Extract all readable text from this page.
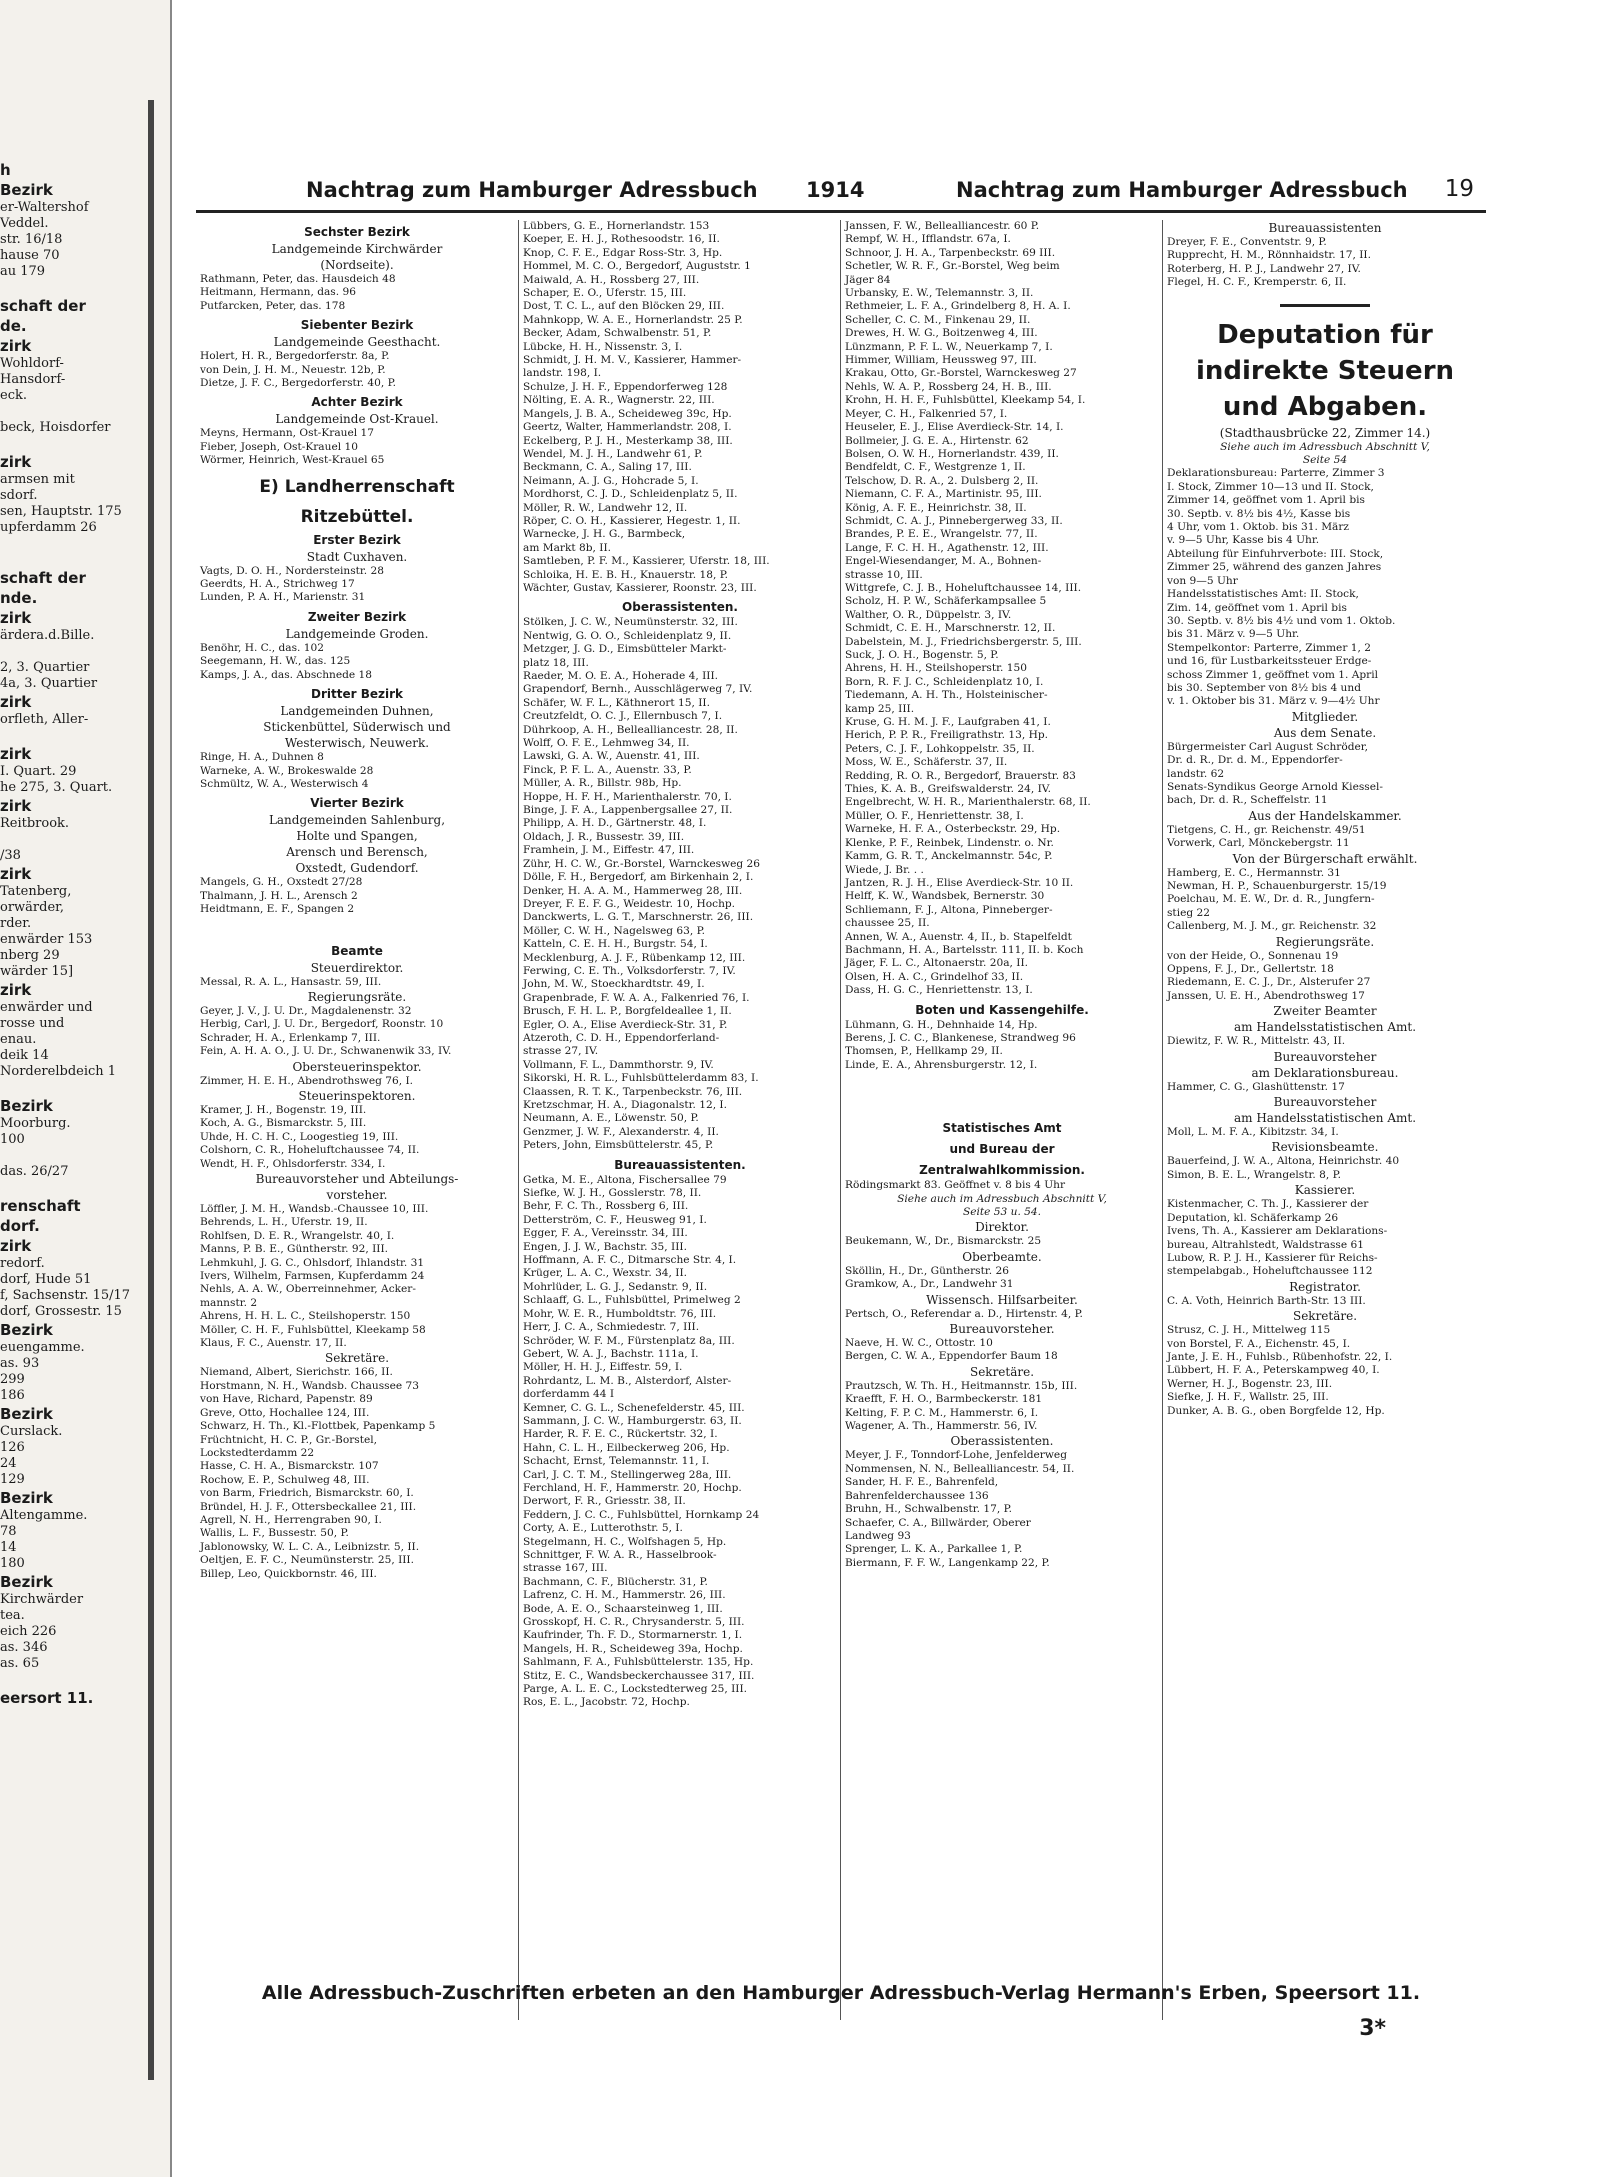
h
Bezirk
er-Waltershof
Veddel.
str. 16/18
hause 70
au 179

schaft der
de.
zirk
Wohldorf-
Hansdorf-
eck.

beck, Hoisdorfer

zirk
armsen mit
sdorf.
sen, Hauptstr. 175
upferdamm 26

schaft der
nde.
zirk
ärdera.d.Bille.

2, 3. Quartier
4a, 3. Quartier
zirk
orfleth, Aller-

zirk
I. Quart. 29
he 275, 3. Quart.
zirk
Reitbrook.

/38
zirk
Tatenberg,
orwärder,
rder.
enwärder 153
nberg 29
wärder 15]
zirk
enwärder und
rosse und
enau.
deik 14
Norderelbdeich 1

Bezirk
Moorburg.
100

das. 26/27

renschaft
dorf.
zirk
redorf.
dorf, Hude 51
f, Sachsenstr. 15/17
dorf, Grossestr. 15
Bezirk
euengamme.
as. 93
299
186
Bezirk
Curslack.
126
24
129
Bezirk
Altengamme.
78
14
180
Bezirk
Kirchwärder
tea.
eich 226
as. 346
as. 65

eersort 11.
Nachtrag zum Hamburger Adressbuch 1914	Nachtrag zum Hamburger Adressbuch 19
Sechster Bezirk
Landgemeinde Kirchwärder
(Nordseite).
Rathmann, Peter, das. Hausdeich 48
Heitmann, Hermann, das. 96
Putfarcken, Peter, das. 178
Siebenter Bezirk
Landgemeinde Geesthacht.
Holert, H. R., Bergedorferstr. 8a, P.
von Dein, J. H. M., Neuestr. 12b, P.
Dietze, J. F. C., Bergedorferstr. 40, P.
Achter Bezirk
Landgemeinde Ost-Krauel.
Meyns, Hermann, Ost-Krauel 17
Fieber, Joseph, Ost-Krauel 10
Wörmer, Heinrich, West-Krauel 65
E) Landherrenschaft
Ritzebüttel.
Erster Bezirk
Stadt Cuxhaven.
Vagts, D. O. H., Nordersteinstr. 28
Geerdts, H. A., Strichweg 17
Lunden, P. A. H., Marienstr. 31
Zweiter Bezirk
Landgemeinde Groden.
Benöhr, H. C., das. 102
Seegemann, H. W., das. 125
Kamps, J. A., das. Abschnede 18
Dritter Bezirk
Landgemeinden Duhnen,
Stickenbüttel, Süderwisch und
Westerwisch, Neuwerk.
Ringe, H. A., Duhnen 8
Warneke, A. W., Brokeswalde 28
Schmültz, W. A., Westerwisch 4
Vierter Bezirk
Landgemeinden Sahlenburg,
Holte und Spangen,
Arensch und Berensch,
Oxstedt, Gudendorf.
Mangels, G. H., Oxstedt 27/28
Thalmann, J. H. L., Arensch 2
Heidtmann, E. F., Spangen 2
Beamte
Steuerdirektor.
Messal, R. A. L., Hansastr. 59, III.
Regierungsräte.
Geyer, J. V., J. U. Dr., Magdalenenstr. 32
Herbig, Carl, J. U. Dr., Bergedorf, Roonstr. 10
Schrader, H. A., Erlenkamp 7, III.
Fein, A. H. A. O., J. U. Dr., Schwanenwik 33, IV.
Obersteuerinspektor.
Zimmer, H. E. H., Abendrothsweg 76, I.
Steuerinspektoren.
Kramer, J. H., Bogenstr. 19, III.
Koch, A. G., Bismarckstr. 5, III.
Uhde, H. C. H. C., Loogestieg 19, III.
Colshorn, C. R., Hoheluftchaussee 74, II.
Wendt, H. F., Ohlsdorferstr. 334, I.
Bureauvorsteher und Abteilungs-
vorsteher.
Löffler, J. M. H., Wandsb.-Chaussee 10, III.
Behrends, L. H., Uferstr. 19, II.
Rohlfsen, D. E. R., Wrangelstr. 40, I.
Manns, P. B. E., Güntherstr. 92, III.
Lehmkuhl, J. G. C., Ohlsdorf, Ihlandstr. 31
Ivers, Wilhelm, Farmsen, Kupferdamm 24
Nehls, A. A. W., Oberreinnehmer, Acker-
mannstr. 2
Ahrens, H. H. L. C., Steilshoperstr. 150
Möller, C. H. F., Fuhlsbüttel, Kleekamp 58
Klaus, F. C., Auenstr. 17, II.
Sekretäre.
Niemand, Albert, Sierichstr. 166, II.
Horstmann, N. H., Wandsb. Chaussee 73
von Have, Richard, Papenstr. 89
Greve, Otto, Hochallee 124, III.
Schwarz, H. Th., Kl.-Flottbek, Papenkamp 5
Früchtnicht, H. C. P., Gr.-Borstel,
Lockstedterdamm 22
Hasse, C. H. A., Bismarckstr. 107
Rochow, E. P., Schulweg 48, III.
von Barm, Friedrich, Bismarckstr. 60, I.
Bründel, H. J. F., Ottersbeckallee 21, III.
Agrell, N. H., Herrengraben 90, I.
Wallis, L. F., Bussestr. 50, P.
Jablonowsky, W. L. C. A., Leibnizstr. 5, II.
Oeltjen, E. F. C., Neumünsterstr. 25, III.
Billep, Leo, Quickbornstr. 46, III.
Lübbers, G. E., Hornerlandstr. 153
Koeper, E. H. J., Rothesoodstr. 16, II.
Knop, C. F. E., Edgar Ross-Str. 3, Hp.
Hommel, M. C. O., Bergedorf, Auguststr. 1
Maiwald, A. H., Rossberg 27, III.
Schaper, E. O., Uferstr. 15, III.
Dost, T. C. L., auf den Blöcken 29, III.
Mahnkopp, W. A. E., Hornerlandstr. 25 P.
Becker, Adam, Schwalbenstr. 51, P.
Lübcke, H. H., Nissenstr. 3, I.
Schmidt, J. H. M. V., Kassierer, Hammer-
landstr. 198, I.
Schulze, J. H. F., Eppendorferweg 128
Nölting, E. A. R., Wagnerstr. 22, III.
Mangels, J. B. A., Scheideweg 39c, Hp.
Geertz, Walter, Hammerlandstr. 208, I.
Eckelberg, P. J. H., Mesterkamp 38, III.
Wendel, M. J. H., Landwehr 61, P.
Beckmann, C. A., Saling 17, III.
Neimann, A. J. G., Hohcrade 5, I.
Mordhorst, C. J. D., Schleidenplatz 5, II.
Möller, R. W., Landwehr 12, II.
Röper, C. O. H., Kassierer, Hegestr. 1, II.
Warnecke, J. H. G., Barmbeck,
am Markt 8b, II.
Samtleben, P. F. M., Kassierer, Uferstr. 18, III.
Schloika, H. E. B. H., Knauerstr. 18, P.
Wächter, Gustav, Kassierer, Roonstr. 23, III.
Oberassistenten.
Stölken, J. C. W., Neumünsterstr. 32, III.
Nentwig, G. O. O., Schleidenplatz 9, II.
Metzger, J. G. D., Eimsbütteler Markt-
platz 18, III.
Raeder, M. O. E. A., Hoherade 4, III.
Grapendorf, Bernh., Ausschlägerweg 7, IV.
Schäfer, W. F. L., Käthnerort 15, II.
Creutzfeldt, O. C. J., Ellernbusch 7, I.
Dührkoop, A. H., Bellealliancestr. 28, II.
Wolff, O. F. E., Lehmweg 34, II.
Lawski, G. A. W., Auenstr. 41, III.
Finck, P. F. L. A., Auenstr. 33, P.
Müller, A. R., Billstr. 98b, Hp.
Hoppe, H. F. H., Marienthalerstr. 70, I.
Binge, J. F. A., Lappenbergsallee 27, II.
Philipp, A. H. D., Gärtnerstr. 48, I.
Oldach, J. R., Bussestr. 39, III.
Framhein, J. M., Eiffestr. 47, III.
Zühr, H. C. W., Gr.-Borstel, Warnckesweg 26
Dölle, F. H., Bergedorf, am Birkenhain 2, I.
Denker, H. A. A. M., Hammerweg 28, III.
Dreyer, F. E. F. G., Weidestr. 10, Hochp.
Danckwerts, L. G. T., Marschnerstr. 26, III.
Möller, C. W. H., Nagelsweg 63, P.
Katteln, C. E. H. H., Burgstr. 54, I.
Mecklenburg, A. J. F., Rübenkamp 12, III.
Ferwing, C. E. Th., Volksdorferstr. 7, IV.
John, M. W., Stoeckhardtstr. 49, I.
Grapenbrade, F. W. A. A., Falkenried 76, I.
Brusch, F. H. L. P., Borgfeldeallee 1, II.
Egler, O. A., Elise Averdieck-Str. 31, P.
Atzeroth, C. D. H., Eppendorferland-
strasse 27, IV.
Vollmann, F. L., Dammthorstr. 9, IV.
Sikorski, H. R. L., Fuhlsbüttelerdamm 83, I.
Claassen, R. T. K., Tarpenbeckstr. 76, III.
Kretzschmar, H. A., Diagonalstr. 12, I.
Neumann, A. E., Löwenstr. 50, P.
Genzmer, J. W. F., Alexanderstr. 4, II.
Peters, John, Eimsbüttelerstr. 45, P.
Bureauassistenten.
Getka, M. E., Altona, Fischersallee 79
Siefke, W. J. H., Gosslerstr. 78, II.
Behr, F. C. Th., Rossberg 6, III.
Detterström, C. F., Heusweg 91, I.
Egger, F. A., Vereinsstr. 34, III.
Engen, J. J. W., Bachstr. 35, III.
Hoffmann, A. F. C., Ditmarsche Str. 4, I.
Krüger, L. A. C., Wexstr. 34, II.
Mohrlüder, L. G. J., Sedanstr. 9, II.
Schlaaff, G. L., Fuhlsbüttel, Primelweg 2
Mohr, W. E. R., Humboldtstr. 76, III.
Herr, J. C. A., Schmiedestr. 7, III.
Schröder, W. F. M., Fürstenplatz 8a, III.
Gebert, W. A. J., Bachstr. 111a, I.
Möller, H. H. J., Eiffestr. 59, I.
Rohrdantz, L. M. B., Alsterdorf, Alster-
dorferdamm 44 I
Kemner, C. G. L., Schenefelderstr. 45, III.
Sammann, J. C. W., Hamburgerstr. 63, II.
Harder, R. F. E. C., Rückertstr. 32, I.
Hahn, C. L. H., Eilbeckerweg 206, Hp.
Schacht, Ernst, Telemannstr. 11, I.
Carl, J. C. T. M., Stellingerweg 28a, III.
Ferchland, H. F., Hammerstr. 20, Hochp.
Derwort, F. R., Griesstr. 38, II.
Feddern, J. C. C., Fuhlsbüttel, Hornkamp 24
Corty, A. E., Lutterothstr. 5, I.
Stegelmann, H. C., Wolfshagen 5, Hp.
Schnittger, F. W. A. R., Hasselbrook-
strasse 167, III.
Bachmann, C. F., Blücherstr. 31, P.
Lafrenz, C. H. M., Hammerstr. 26, III.
Bode, A. E. O., Schaarsteinweg 1, III.
Grosskopf, H. C. R., Chrysanderstr. 5, III.
Kaufrinder, Th. F. D., Stormarnerstr. 1, I.
Mangels, H. R., Scheideweg 39a, Hochp.
Sahlmann, F. A., Fuhlsbüttelerstr. 135, Hp.
Stitz, E. C., Wandsbeckerchaussee 317, III.
Parge, A. L. E. C., Lockstedterweg 25, III.
Ros, E. L., Jacobstr. 72, Hochp.
Janssen, F. W., Bellealliancestr. 60 P.
Rempf, W. H., Ifflandstr. 67a, I.
Schnoor, J. H. A., Tarpenbeckstr. 69 III.
Schetler, W. R. F., Gr.-Borstel, Weg beim
Jäger 84
Urbansky, E. W., Telemannstr. 3, II.
Rethmeier, L. F. A., Grindelberg 8, H. A. I.
Scheller, C. C. M., Finkenau 29, II.
Drewes, H. W. G., Boitzenweg 4, III.
Lünzmann, P. F. L. W., Neuerkamp 7, I.
Himmer, William, Heussweg 97, III.
Krakau, Otto, Gr.-Borstel, Warnckesweg 27
Nehls, W. A. P., Rossberg 24, H. B., III.
Krohn, H. H. F., Fuhlsbüttel, Kleekamp 54, I.
Meyer, C. H., Falkenried 57, I.
Heuseler, E. J., Elise Averdieck-Str. 14, I.
Bollmeier, J. G. E. A., Hirtenstr. 62
Bolsen, O. W. H., Hornerlandstr. 439, II.
Bendfeldt, C. F., Westgrenze 1, II.
Telschow, D. R. A., 2. Dulsberg 2, II.
Niemann, C. F. A., Martinistr. 95, III.
König, A. F. E., Heinrichstr. 38, II.
Schmidt, C. A. J., Pinnebergerweg 33, II.
Brandes, P. E. E., Wrangelstr. 77, II.
Lange, F. C. H. H., Agathenstr. 12, III.
Engel-Wiesendanger, M. A., Bohnen-
strasse 10, III.
Wittgrefe, C. J. B., Hoheluftchaussee 14, III.
Scholz, H. P. W., Schäferkampsallee 5
Walther, O. R., Düppelstr. 3, IV.
Schmidt, C. E. H., Marschnerstr. 12, II.
Dabelstein, M. J., Friedrichsbergerstr. 5, III.
Suck, J. O. H., Bogenstr. 5, P.
Ahrens, H. H., Steilshoperstr. 150
Born, R. F. J. C., Schleidenplatz 10, I.
Tiedemann, A. H. Th., Holsteinischer-
kamp 25, III.
Kruse, G. H. M. J. F., Laufgraben 41, I.
Herich, P. P. R., Freiligrathstr. 13, Hp.
Peters, C. J. F., Lohkoppelstr. 35, II.
Moss, W. E., Schäferstr. 37, II.
Redding, R. O. R., Bergedorf, Brauerstr. 83
Thies, K. A. B., Greifswalderstr. 24, IV.
Engelbrecht, W. H. R., Marienthalerstr. 68, II.
Müller, O. F., Henriettenstr. 38, I.
Warneke, H. F. A., Osterbeckstr. 29, Hp.
Klenke, P. F., Reinbek, Lindenstr. o. Nr.
Kamm, G. R. T., Anckelmannstr. 54c, P.
Wiede, J. Br. . .
Jantzen, R. J. H., Elise Averdieck-Str. 10 II.
Helff, K. W., Wandsbek, Bernerstr. 30
Schliemann, F. J., Altona, Pinneberger-
chaussee 25, II.
Annen, W. A., Auenstr. 4, II., b. Stapelfeldt
Bachmann, H. A., Bartelsstr. 111, II. b. Koch
Jäger, F. L. C., Altonaerstr. 20a, II.
Olsen, H. A. C., Grindelhof 33, II.
Dass, H. G. C., Henriettenstr. 13, I.
Boten und Kassengehilfe.
Lühmann, G. H., Dehnhaide 14, Hp.
Berens, J. C. C., Blankenese, Strandweg 96
Thomsen, P., Hellkamp 29, II.
Linde, E. A., Ahrensburgerstr. 12, I.
Statistisches Amt
und Bureau der
Zentralwahlkommission.
Rödingsmarkt 83. Geöffnet v. 8 bis 4 Uhr
Siehe auch im Adressbuch Abschnitt V,
Seite 53 u. 54.
Direktor.
Beukemann, W., Dr., Bismarckstr. 25
Oberbeamte.
Sköllin, H., Dr., Güntherstr. 26
Gramkow, A., Dr., Landwehr 31
Wissensch. Hilfsarbeiter.
Pertsch, O., Referendar a. D., Hirtenstr. 4, P.
Bureauvorsteher.
Naeve, H. W. C., Ottostr. 10
Bergen, C. W. A., Eppendorfer Baum 18
Sekretäre.
Prautzsch, W. Th. H., Heitmannstr. 15b, III.
Kraefft, F. H. O., Barmbeckerstr. 181
Kelting, F. P. C. M., Hammerstr. 6, I.
Wagener, A. Th., Hammerstr. 56, IV.
Oberassistenten.
Meyer, J. F., Tonndorf-Lohe, Jenfelderweg
Nommensen, N. N., Bellealliancestr. 54, II.
Sander, H. F. E., Bahrenfeld,
Bahrenfelderchaussee 136
Bruhn, H., Schwalbenstr. 17, P.
Schaefer, C. A., Billwärder, Oberer
Landweg 93
Sprenger, L. K. A., Parkallee 1, P.
Biermann, F. F. W., Langenkamp 22, P.
Bureauassistenten
Dreyer, F. E., Conventstr. 9, P.
Rupprecht, H. M., Rönnhaidstr. 17, II.
Roterberg, H. P. J., Landwehr 27, IV.
Flegel, H. C. F., Kremperstr. 6, II.
Deputation für
indirekte Steuern
und Abgaben.
(Stadthausbrücke 22, Zimmer 14.)
Siehe auch im Adressbuch Abschnitt V,
Seite 54
Deklarationsbureau: Parterre, Zimmer 3
I. Stock, Zimmer 10—13 und II. Stock,
Zimmer 14, geöffnet vom 1. April bis
30. Septb. v. 8½ bis 4½, Kasse bis
4 Uhr, vom 1. Oktob. bis 31. März
v. 9—5 Uhr, Kasse bis 4 Uhr.
Abteilung für Einfuhrverbote: III. Stock,
Zimmer 25, während des ganzen Jahres
von 9—5 Uhr
Handelsstatistisches Amt: II. Stock,
Zim. 14, geöffnet vom 1. April bis
30. Septb. v. 8½ bis 4½ und vom 1. Oktob.
bis 31. März v. 9—5 Uhr.
Stempelkontor: Parterre, Zimmer 1, 2
und 16, für Lustbarkeitssteuer Erdge-
schoss Zimmer 1, geöffnet vom 1. April
bis 30. September von 8½ bis 4 und
v. 1. Oktober bis 31. März v. 9—4½ Uhr
Mitglieder.
Aus dem Senate.
Bürgermeister Carl August Schröder,
Dr. d. R., Dr. d. M., Eppendorfer-
landstr. 62
Senats-Syndikus George Arnold Kiessel-
bach, Dr. d. R., Scheffelstr. 11
Aus der Handelskammer.
Tietgens, C. H., gr. Reichenstr. 49/51
Vorwerk, Carl, Mönckebergstr. 11
Von der Bürgerschaft erwählt.
Hamberg, E. C., Hermannstr. 31
Newman, H. P., Schauenburgerstr. 15/19
Poelchau, M. E. W., Dr. d. R., Jungfern-
stieg 22
Callenberg, M. J. M., gr. Reichenstr. 32
Regierungsräte.
von der Heide, O., Sonnenau 19
Oppens, F. J., Dr., Gellertstr. 18
Riedemann, E. C. J., Dr., Alsterufer 27
Janssen, U. E. H., Abendrothsweg 17
Zweiter Beamter
am Handelsstatistischen Amt.
Diewitz, F. W. R., Mittelstr. 43, II.
Bureauvorsteher
am Deklarationsbureau.
Hammer, C. G., Glashüttenstr. 17
Bureauvorsteher
am Handelsstatistischen Amt.
Moll, L. M. F. A., Kibitzstr. 34, I.
Revisionsbeamte.
Bauerfeind, J. W. A., Altona, Heinrichstr. 40
Simon, B. E. L., Wrangelstr. 8, P.
Kassierer.
Kistenmacher, C. Th. J., Kassierer der
Deputation, kl. Schäferkamp 26
Ivens, Th. A., Kassierer am Deklarations-
bureau, Altrahlstedt, Waldstrasse 61
Lubow, R. P. J. H., Kassierer für Reichs-
stempelabgab., Hoheluftchaussee 112
Registrator.
C. A. Voth, Heinrich Barth-Str. 13 III.
Sekretäre.
Strusz, C. J. H., Mittelweg 115
von Borstel, F. A., Eichenstr. 45, I.
Jante, J. E. H., Fuhlsb., Rübenhofstr. 22, I.
Lübbert, H. F. A., Peterskampweg 40, I.
Werner, H. J., Bogenstr. 23, III.
Siefke, J. H. F., Wallstr. 25, III.
Dunker, A. B. G., oben Borgfelde 12, Hp.
Alle Adressbuch-Zuschriften erbeten an den Hamburger Adressbuch-Verlag Hermann's Erben, Speersort 11.
3*
